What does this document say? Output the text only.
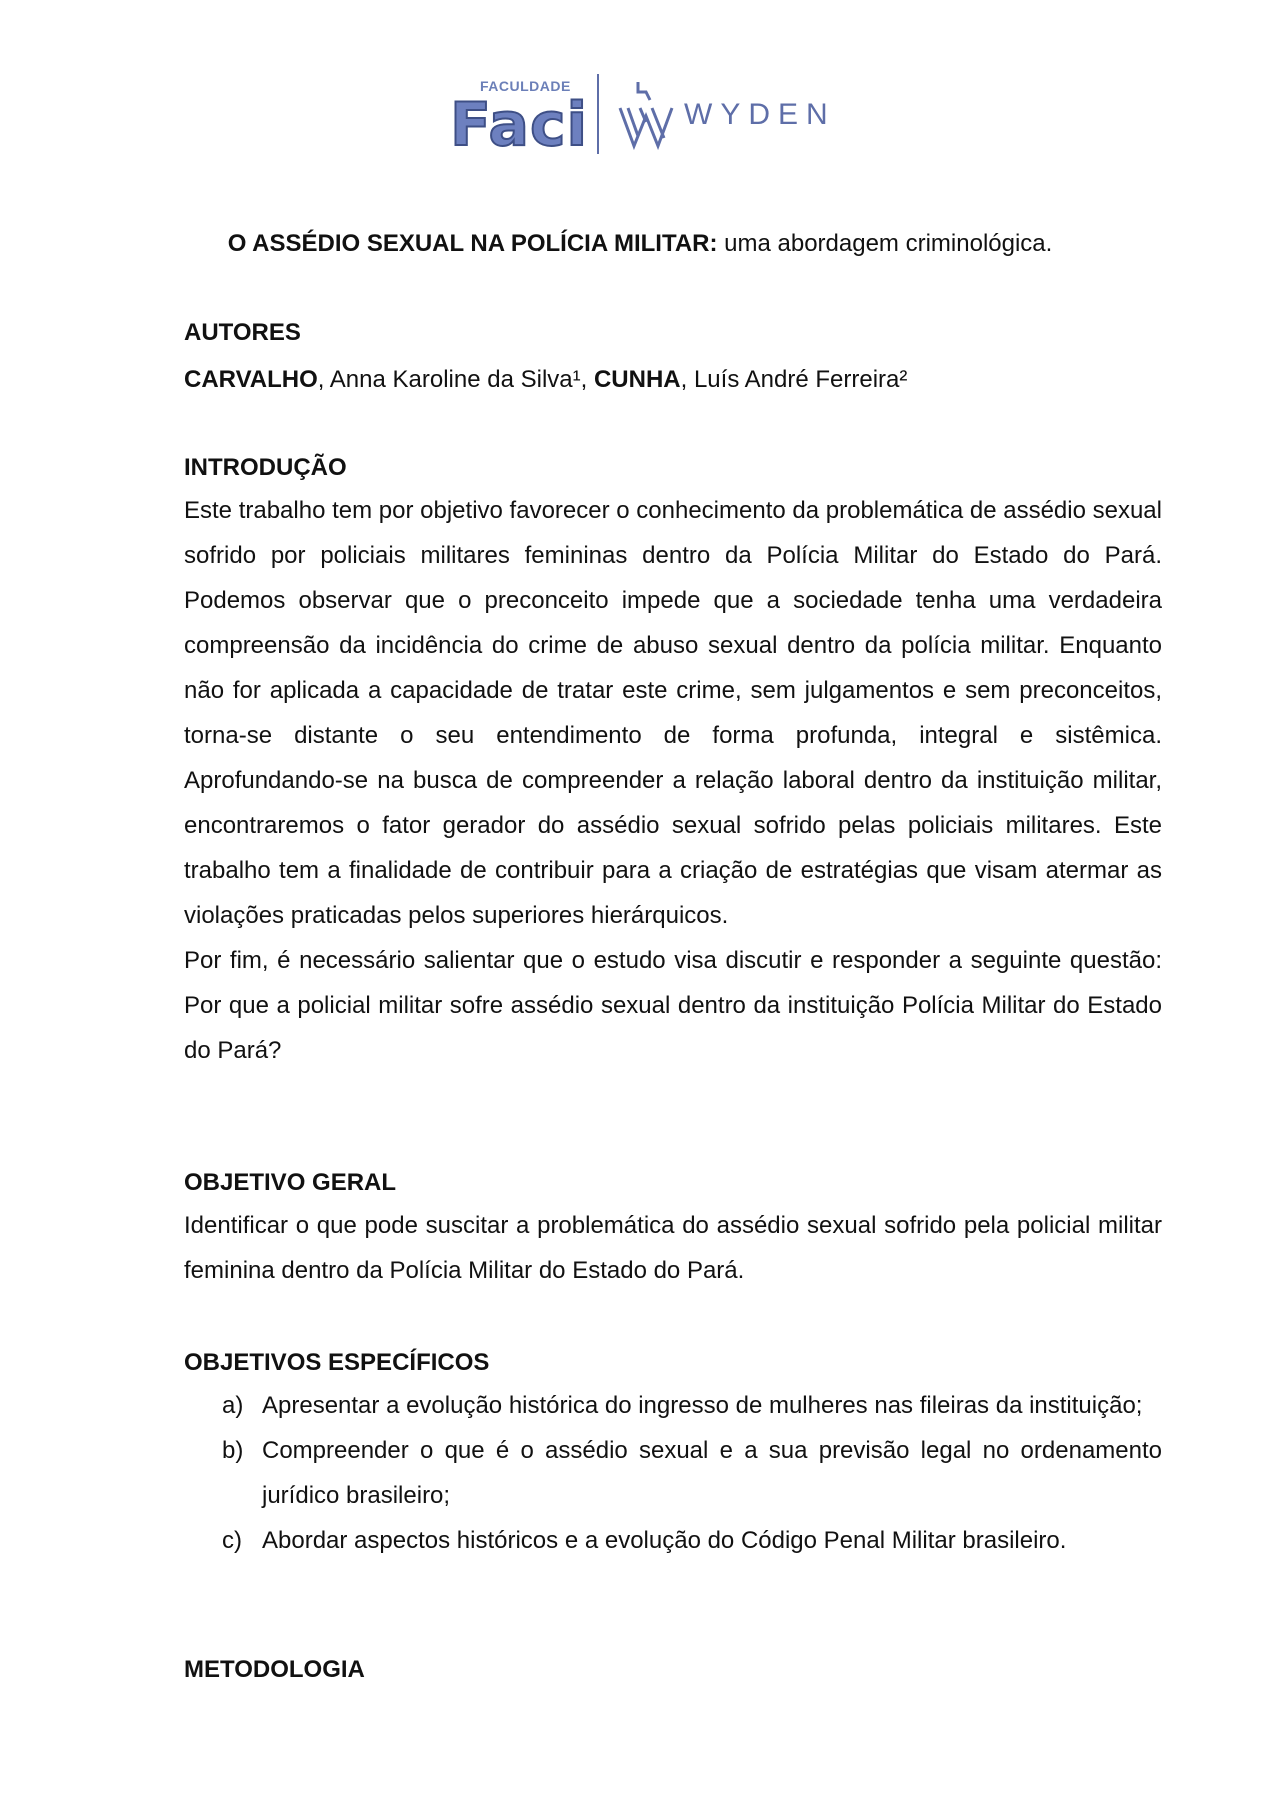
FACULDADE
Faci	WYDEN
O ASSÉDIO SEXUAL NA POLÍCIA MILITAR: uma abordagem criminológica.
AUTORES
CARVALHO, Anna Karoline da Silva¹, CUNHA, Luís André Ferreira²
INTRODUÇÃO

Este trabalho tem por objetivo favorecer o conhecimento da problemática de assédio sexual sofrido por policiais militares femininas dentro da Polícia Militar do Estado do Pará. Podemos observar que o preconceito impede que a sociedade tenha uma verdadeira compreensão da incidência do crime de abuso sexual dentro da polícia militar. Enquanto não for aplicada a capacidade de tratar este crime, sem julgamentos e sem preconceitos, torna-se distante o seu entendimento de forma profunda, integral e sistêmica. Aprofundando-se na busca de compreender a relação laboral dentro da instituição militar, encontraremos o fator gerador do assédio sexual sofrido pelas policiais militares. Este trabalho tem a finalidade de contribuir para a criação de estratégias que visam atermar as violações praticadas pelos superiores hierárquicos.

Por fim, é necessário salientar que o estudo visa discutir e responder a seguinte questão: Por que a policial militar sofre assédio sexual dentro da instituição Polícia Militar do Estado do Pará?

OBJETIVO GERAL

Identificar o que pode suscitar a problemática do assédio sexual sofrido pela policial militar feminina dentro da Polícia Militar do Estado do Pará.

OBJETIVOS ESPECÍFICOS
a) Apresentar a evolução histórica do ingresso de mulheres nas fileiras da instituição;
b) Compreender o que é o assédio sexual e a sua previsão legal no ordenamento jurídico brasileiro;
c) Abordar aspectos históricos e a evolução do Código Penal Militar brasileiro.
METODOLOGIA
